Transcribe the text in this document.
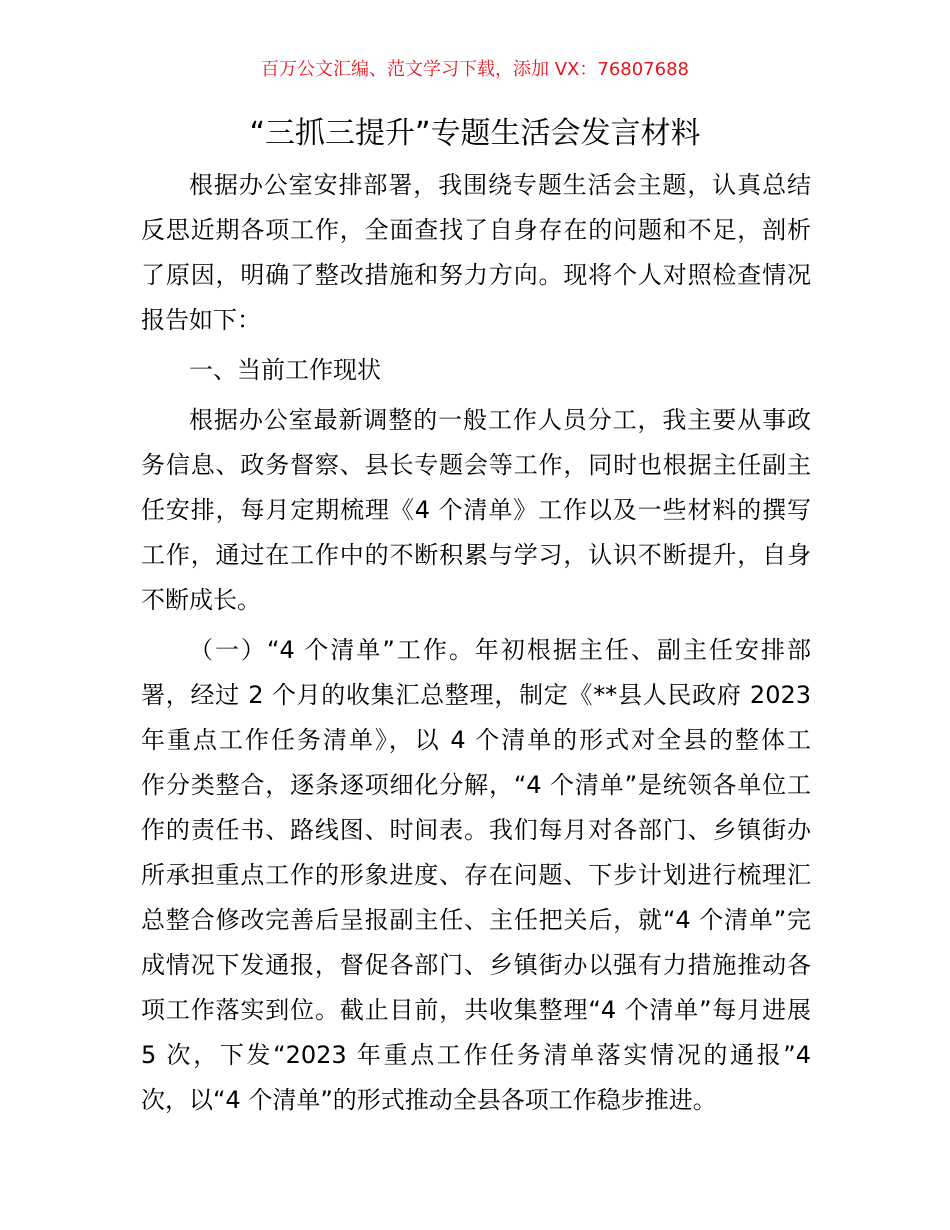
百万公文汇编、范文学习下载，添加 VX：76807688
“三抓三提升”专题生活会发言材料
根据办公室安排部署，我围绕专题生活会主题，认真总结
反思近期各项工作，全面查找了自身存在的问题和不足，剖析
了原因，明确了整改措施和努力方向。现将个人对照检查情况
报告如下：
一、当前工作现状
根据办公室最新调整的一般工作人员分工，我主要从事政
务信息、政务督察、县长专题会等工作，同时也根据主任副主
任安排，每月定期梳理《4 个清单》工作以及一些材料的撰写
工作，通过在工作中的不断积累与学习，认识不断提升，自身
不断成长。
（一）“4 个清单”工作。年初根据主任、副主任安排部
署，经过 2 个月的收集汇总整理，制定《**县人民政府 2023
年重点工作任务清单》，以 4 个清单的形式对全县的整体工
作分类整合，逐条逐项细化分解，“4 个清单”是统领各单位工
作的责任书、路线图、时间表。我们每月对各部门、乡镇街办
所承担重点工作的形象进度、存在问题、下步计划进行梳理汇
总整合修改完善后呈报副主任、主任把关后，就“4 个清单”完
成情况下发通报，督促各部门、乡镇街办以强有力措施推动各
项工作落实到位。截止目前，共收集整理“4 个清单”每月进展
5 次，下发“2023 年重点工作任务清单落实情况的通报”4
次，以“4 个清单”的形式推动全县各项工作稳步推进。
